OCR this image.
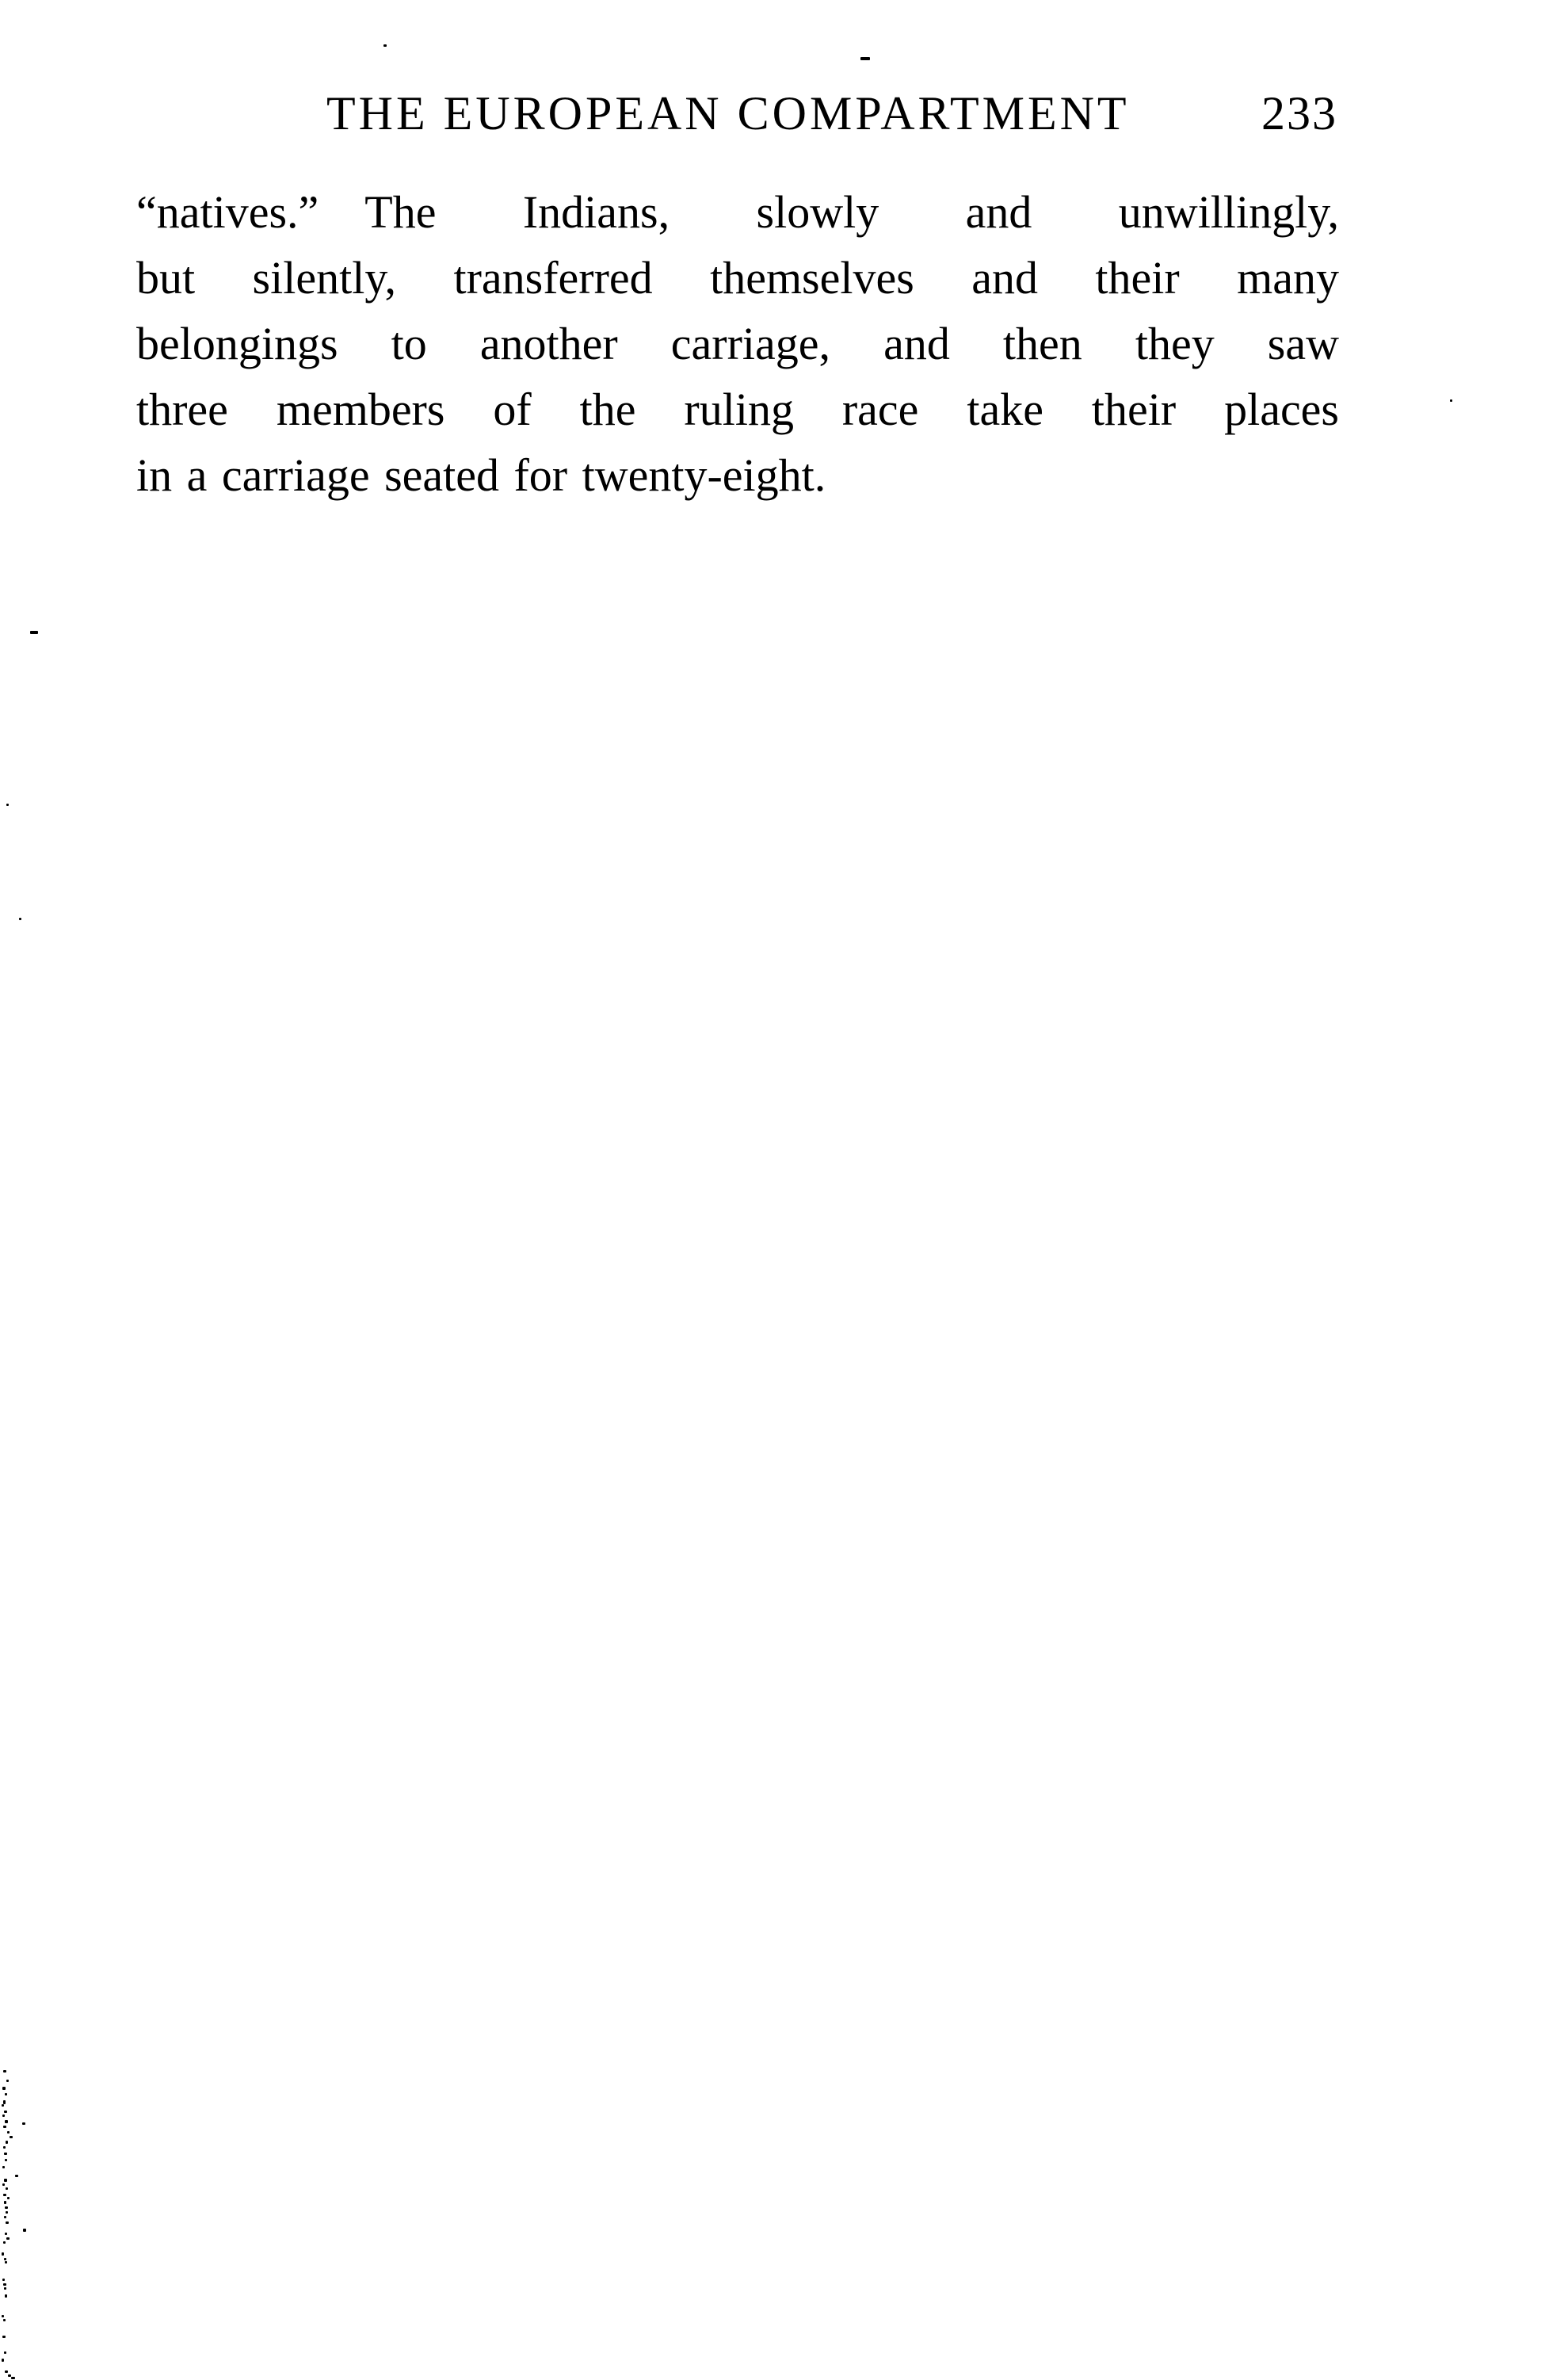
THE EUROPEAN COMPARTMENT	233
“natives.” The Indians, slowly and unwillingly,
but silently, transferred themselves and their many
belongings to another carriage, and then they saw
three members of the ruling race take their places
in a carriage seated for twenty-eight.
